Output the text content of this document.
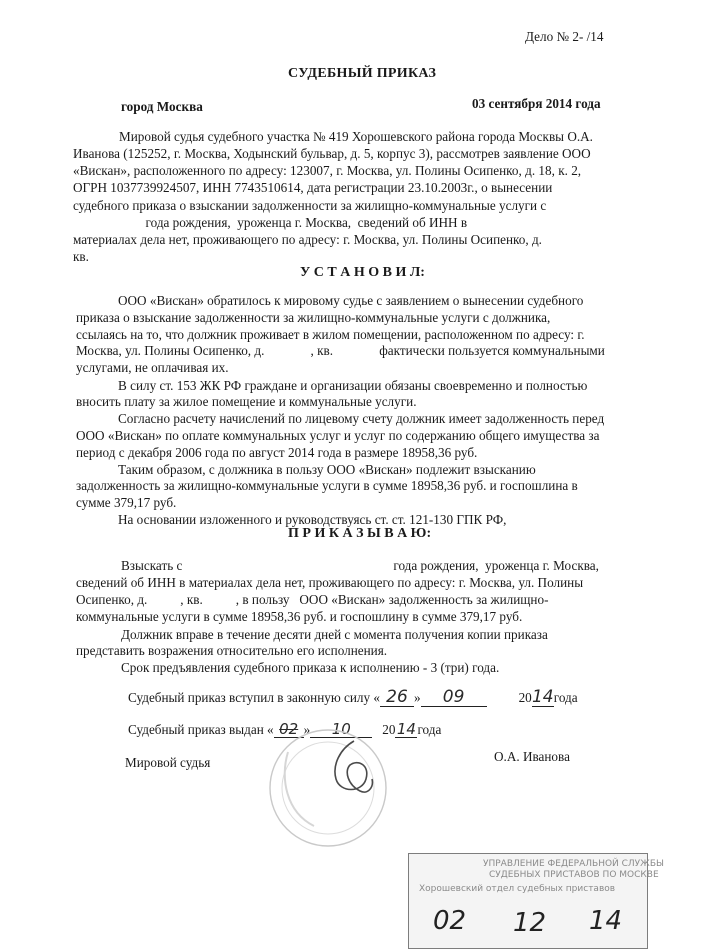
Дело № 2- /14
СУДЕБНЫЙ ПРИКАЗ
город Москва	03 сентября 2014 года
Мировой судья судебного участка № 419 Хорошевского района города Москвы О.А.
Иванова (125252, г. Москва, Ходынский бульвар, д. 5, корпус 3), рассмотрев заявление ООО
«Вискан», расположенного по адресу: 123007, г. Москва, ул. Полины Осипенко, д. 18, к. 2,
ОГРН 1037739924507, ИНН 7743510614, дата регистрации 23.10.2003г., о вынесении
судебного приказа о взыскании задолженности за жилищно-коммунальные услуги с
года рождения,  уроженца г. Москва,  сведений об ИНН в
материалах дела нет, проживающего по адресу: г. Москва, ул. Полины Осипенко, д.
кв.
У С Т А Н О В И Л:
ООО «Вискан» обратилось к мировому судье с заявлением о вынесении судебного
приказа о взыскание задолженности за жилищно-коммунальные услуги с должника,
ссылаясь на то, что должник проживает в жилом помещении, расположенном по адресу: г.
Москва, ул. Полины Осипенко, д.              , кв.              фактически пользуется коммунальными
услугами, не оплачивая их.
В силу ст. 153 ЖК РФ граждане и организации обязаны своевременно и полностью
вносить плату за жилое помещение и коммунальные услуги.
Согласно расчету начислений по лицевому счету должник имеет задолженность перед
ООО «Вискан» по оплате коммунальных услуг и услуг по содержанию общего имущества за
период с декабря 2006 года по август 2014 года в размере 18958,36 руб.
Таким образом, с должника в пользу ООО «Вискан» подлежит взысканию
задолженность за жилищно-коммунальные услуги в сумме 18958,36 руб. и госпошлина в
сумме 379,17 руб.
На основании изложенного и руководствуясь ст. ст. 121-130 ГПК РФ,
П Р И К А З Ы В А Ю:
Взыскать с                                                                года рождения,  уроженца г. Москва,
сведений об ИНН в материалах дела нет, проживающего по адресу: г. Москва, ул. Полины
Осипенко, д.          , кв.          , в пользу   ООО «Вискан» задолженность за жилищно-
коммунальные услуги в сумме 18958,36 руб. и госпошлину в сумме 379,17 руб.
Должник вправе в течение десяти дней с момента получения копии приказа
представить возражения относительно его исполнения.
Срок предъявления судебного приказа к исполнению - 3 (три) года.
Судебный приказ вступил в законную силу « 26 » 09	2014года
Судебный приказ выдан « 02 » 10 2014года
Мировой судья	О.А. Иванова
УПРАВЛЕНИЕ ФЕДЕРАЛЬНОЙ СЛУЖБЫ
СУДЕБНЫХ ПРИСТАВОВ ПО МОСКВЕ
Хорошевский отдел судебных приставов
02 12 14
